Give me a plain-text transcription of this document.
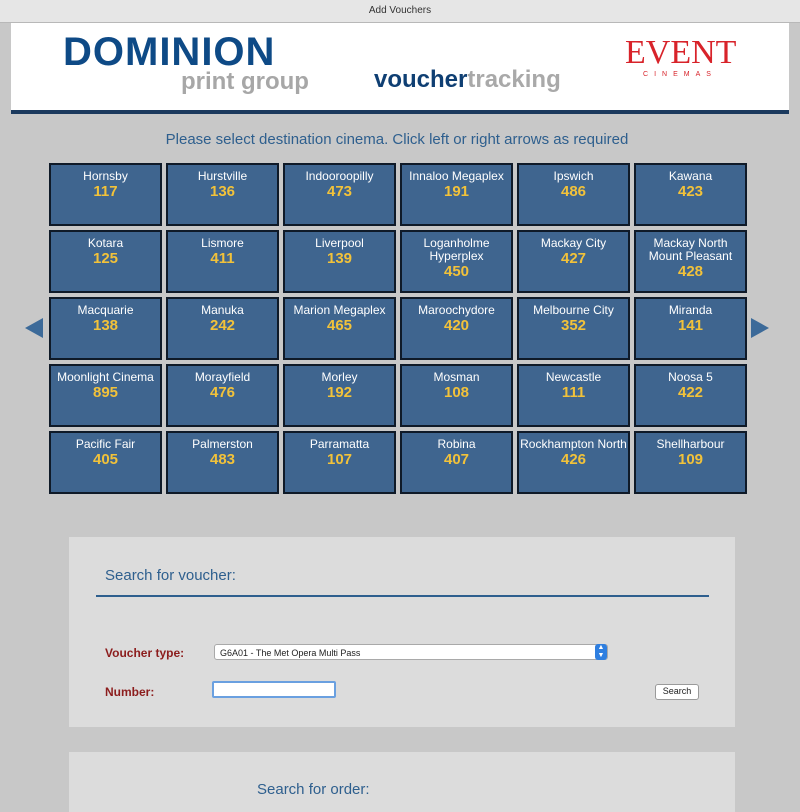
Add Vouchers
DOMINION
print group	vouchertracking
EVENT
CINEMAS
Please select destination cinema. Click left or right arrows as required
Hornsby
117
Hurstville
136
Indooroopilly
473
Innaloo Megaplex
191
Ipswich
486
Kawana
423
Kotara
125
Lismore
411
Liverpool
139
Loganholme Hyperplex
450
Mackay City
427
Mackay North Mount Pleasant
428
Macquarie
138
Manuka
242
Marion Megaplex
465
Maroochydore
420
Melbourne City
352
Miranda
141
Moonlight Cinema
895
Morayfield
476
Morley
192
Mosman
108
Newcastle
111
Noosa 5
422
Pacific Fair
405
Palmerston
483
Parramatta
107
Robina
407
Rockhampton North
426
Shellharbour
109
Search for voucher:
Voucher type:	G6A01 - The Met Opera Multi Pass
▲
▼
Number:	Search
Search for order:
